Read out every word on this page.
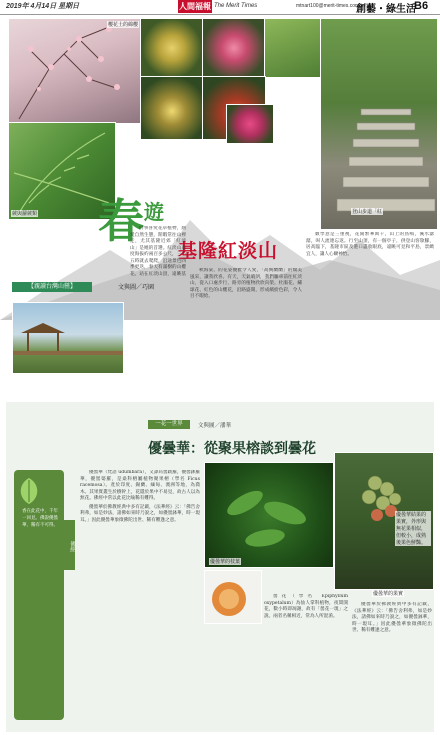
2019年 4月14日 星期日	人間福報 The Merit Times	mtnart100@merit-times.com.tw
創藝・綠生活
B6
櫻花土的綿櫻
蕨與蘿蕨類	登山步道「紅
春 遊
基隆紅淡山
【親讀台灣山巒】	文與圖／巧園

同事喜愛花草植物，熱愛自然生態，閒暇常往山裡走，尤其基隆近郊「紅淡山」是她的首選。紅淡山高度海拔約兩百多公尺，三不五時就去爬爬，沿途景色四季更迭，春天有滿樹的山櫻花。站在紅淡山頂，遠眺基

秋海棠，的花姿優雅令人愛，「高興蘭蘭」的嬌美風采，讓我欣喜。有天，天氣晴朗，我們驅車前往紅淡山，從入口處步行，路旁的植物欣欣向榮。杜鵑花、繡球花、紅色的山櫻花，沿路盛開，形成繽紛色彩，令人目不暇給。

數學意是三重視，花開繁華萬千，山上的鳥鳴，溪水潺潺，叫人流連忘返。行至山頂，有一個亭子，供登山客歇腳，居高臨下，基隆市區及港口盡收眼底，遠眺可見和平島，景緻宜人，讓人心曠神怡。

一花一世界	文與圖／潘華
優曇華：從聚果榕談到曇花
香在此花中，千年一回見。佛說優曇華，稀有不可得。
佛經

優曇華（梵語 udumbara），又譯烏曇跋羅，優曇鉢羅華，優曇婆羅，是桑科榕屬植物聚果榕（學名 Ficus racemosa）。產於印度、錫蘭、緬甸、澳洲等地，為喬木。其果實叢生於樹幹上，花隱於果中不易見，故古人以為無花。佛經中常以此花比喻稀有難得。

優曇華於佛教經典中多有記載，《法華經》云：「佛告舍利弗，如是妙法，諸佛如來時乃說之，如優曇鉢華，時一現耳。」因此優曇華象徵佛陀出世、稀有難逢之意。

優曇華的枝葉
優曇華結果的果實，外形與無花果相似，但較小，成熟後果色鮮豔。
優曇華的果實

曇花（學名 Epiphyllum oxypetalum）為仙人掌科植物，夜間開花，數小時即凋謝，故有「曇花一現」之說。兩者名稱相近，常為人所混淆。

優曇華於佛教經典中多有記載，《法華經》云：「佛告舍利弗，如是妙法，諸佛如來時乃說之，如優曇鉢華，時一現耳。」因此優曇華象徵佛陀出世、稀有難逢之意。
